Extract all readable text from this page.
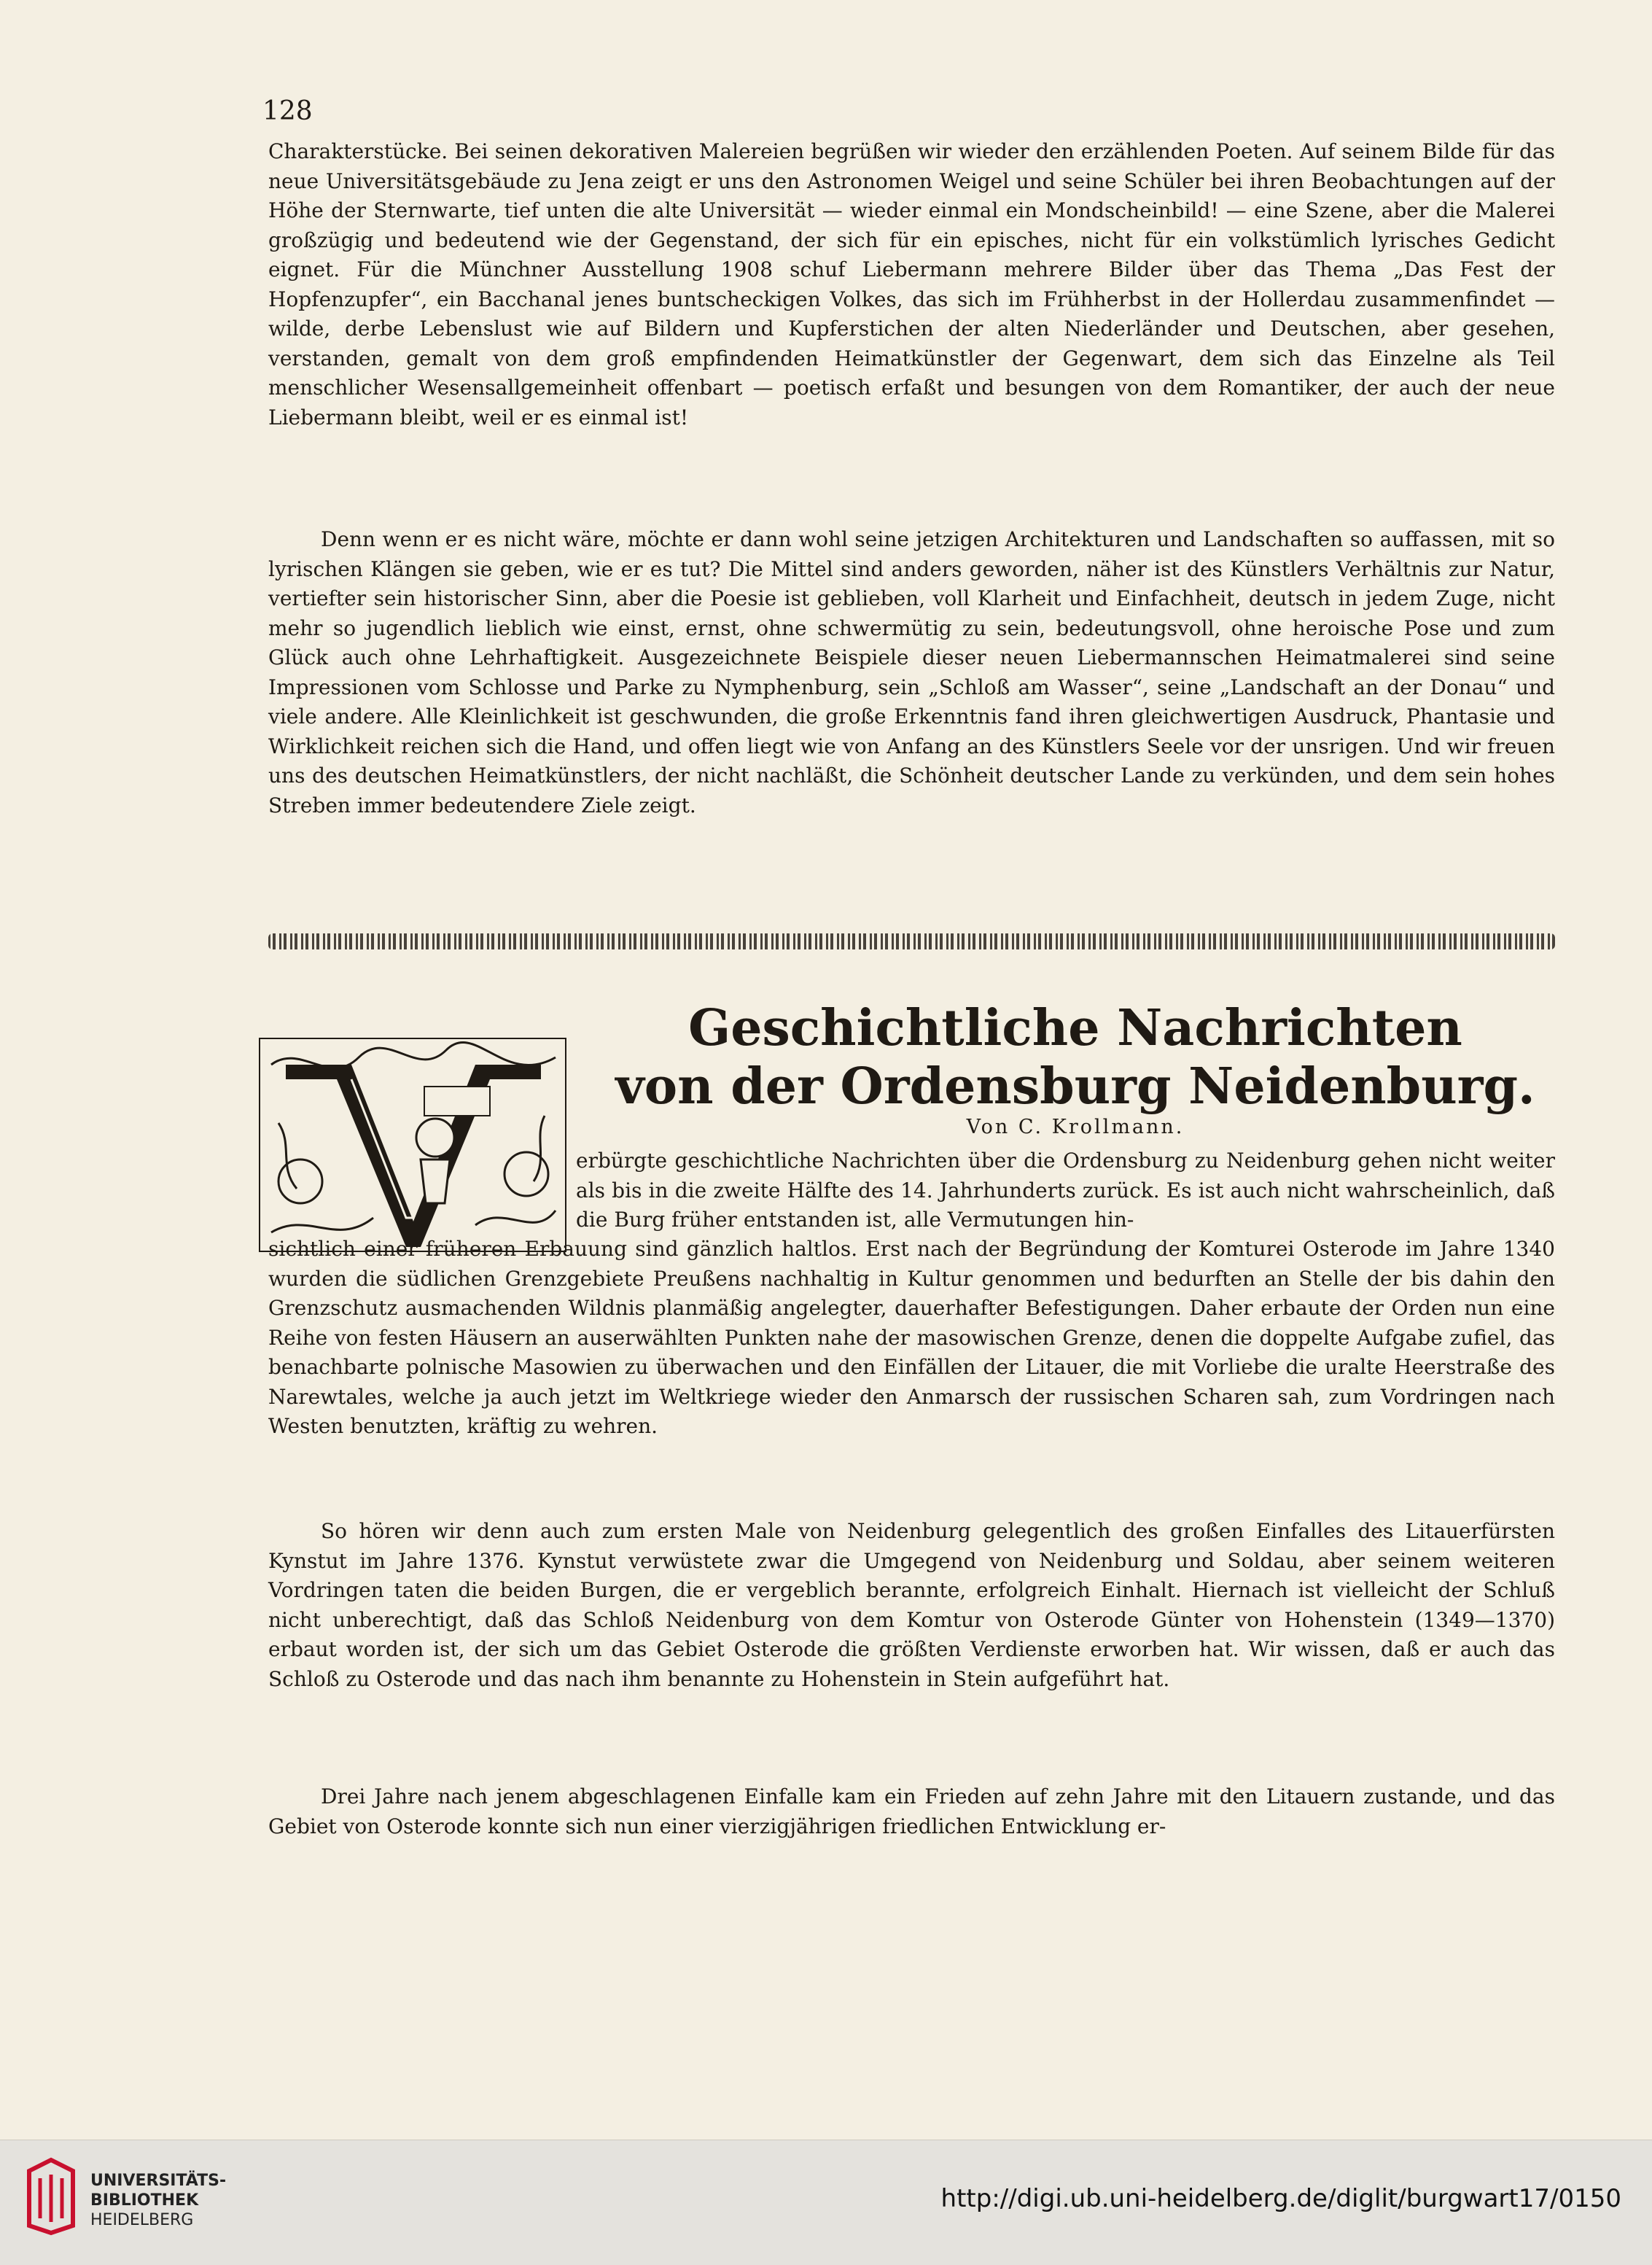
128

Charakterstücke. Bei seinen dekorativen Malereien begrüßen wir wieder den erzählenden Poeten. Auf seinem Bilde für das neue Universitätsgebäude zu Jena zeigt er uns den Astronomen Weigel und seine Schüler bei ihren Beobachtungen auf der Höhe der Sternwarte, tief unten die alte Universität — wieder einmal ein Mondscheinbild! — eine Szene, aber die Malerei großzügig und bedeutend wie der Gegenstand, der sich für ein episches, nicht für ein volkstümlich lyrisches Gedicht eignet. Für die Münchner Ausstellung 1908 schuf Liebermann mehrere Bilder über das Thema „Das Fest der Hopfenzupfer“, ein Bacchanal jenes buntscheckigen Volkes, das sich im Frühherbst in der Hollerdau zusammenfindet — wilde, derbe Lebenslust wie auf Bildern und Kupferstichen der alten Niederländer und Deutschen, aber gesehen, verstanden, gemalt von dem groß empfindenden Heimatkünstler der Gegenwart, dem sich das Einzelne als Teil menschlicher Wesensallgemeinheit offenbart — poetisch erfaßt und besungen von dem Romantiker, der auch der neue Liebermann bleibt, weil er es einmal ist!

Denn wenn er es nicht wäre, möchte er dann wohl seine jetzigen Architekturen und Landschaften so auffassen, mit so lyrischen Klängen sie geben, wie er es tut? Die Mittel sind anders geworden, näher ist des Künstlers Verhältnis zur Natur, vertiefter sein historischer Sinn, aber die Poesie ist geblieben, voll Klarheit und Einfachheit, deutsch in jedem Zuge, nicht mehr so jugendlich lieblich wie einst, ernst, ohne schwermütig zu sein, bedeutungsvoll, ohne heroische Pose und zum Glück auch ohne Lehrhaftigkeit. Ausgezeichnete Beispiele dieser neuen Liebermannschen Heimatmalerei sind seine Impressionen vom Schlosse und Parke zu Nymphenburg, sein „Schloß am Wasser“, seine „Landschaft an der Donau“ und viele andere. Alle Kleinlichkeit ist geschwunden, die große Erkenntnis fand ihren gleichwertigen Ausdruck, Phantasie und Wirklichkeit reichen sich die Hand, und offen liegt wie von Anfang an des Künstlers Seele vor der unsrigen. Und wir freuen uns des deutschen Heimatkünstlers, der nicht nachläßt, die Schönheit deutscher Lande zu verkünden, und dem sein hohes Streben immer bedeutendere Ziele zeigt.

Geschichtliche Nachrichten
von der Ordensburg Neidenburg.
Von C. Krollmann.

erbürgte geschichtliche Nachrichten über die Ordensburg zu Neidenburg gehen nicht weiter als bis in die zweite Hälfte des 14. Jahrhunderts zurück. Es ist auch nicht wahrscheinlich, daß die Burg früher entstanden ist, alle Vermutungen hin-

sichtlich einer früheren Erbauung sind gänzlich haltlos. Erst nach der Begründung der Komturei Osterode im Jahre 1340 wurden die südlichen Grenzgebiete Preußens nachhaltig in Kultur genommen und bedurften an Stelle der bis dahin den Grenzschutz ausmachenden Wildnis planmäßig angelegter, dauerhafter Befestigungen. Daher erbaute der Orden nun eine Reihe von festen Häusern an auserwählten Punkten nahe der masowischen Grenze, denen die doppelte Aufgabe zufiel, das benachbarte polnische Masowien zu überwachen und den Einfällen der Litauer, die mit Vorliebe die uralte Heerstraße des Narewtales, welche ja auch jetzt im Weltkriege wieder den Anmarsch der russischen Scharen sah, zum Vordringen nach Westen benutzten, kräftig zu wehren.

So hören wir denn auch zum ersten Male von Neidenburg gelegentlich des großen Einfalles des Litauerfürsten Kynstut im Jahre 1376. Kynstut verwüstete zwar die Umgegend von Neidenburg und Soldau, aber seinem weiteren Vordringen taten die beiden Burgen, die er vergeblich berannte, erfolgreich Einhalt. Hiernach ist vielleicht der Schluß nicht unberechtigt, daß das Schloß Neidenburg von dem Komtur von Osterode Günter von Hohenstein (1349—1370) erbaut worden ist, der sich um das Gebiet Osterode die größten Verdienste erworben hat. Wir wissen, daß er auch das Schloß zu Osterode und das nach ihm benannte zu Hohenstein in Stein aufgeführt hat.

Drei Jahre nach jenem abgeschlagenen Einfalle kam ein Frieden auf zehn Jahre mit den Litauern zustande, und das Gebiet von Osterode konnte sich nun einer vierzigjährigen friedlichen Entwicklung er-

UNIVERSITÄTS-
BIBLIOTHEK
HEIDELBERG
http://digi.ub.uni-heidelberg.de/diglit/burgwart17/0150
